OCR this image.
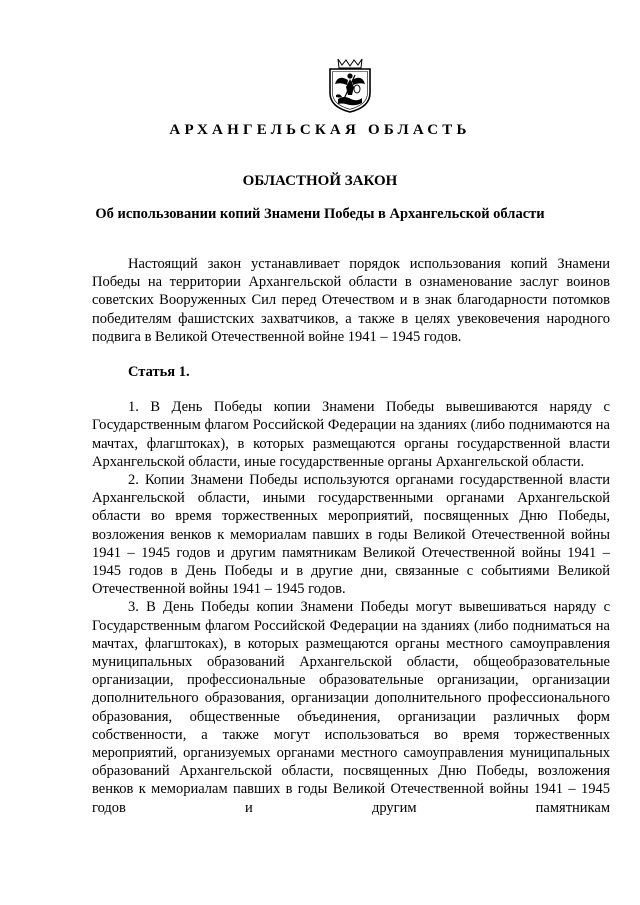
АРХАНГЕЛЬСКАЯ ОБЛАСТЬ
ОБЛАСТНОЙ ЗАКОН
Об использовании копий Знамени Победы в Архангельской области

Настоящий закон устанавливает порядок использования копий Знамени Победы на территории Архангельской области в ознаменование заслуг воинов советских Вооруженных Сил перед Отечеством и в знак благодарности потомков победителям фашистских захватчиков, а также в целях увековечения народного подвига в Великой Отечественной войне 1941 – 1945 годов.

Статья 1.

1. В День Победы копии Знамени Победы вывешиваются наряду с Государственным флагом Российской Федерации на зданиях (либо поднимаются на мачтах, флагштоках), в которых размещаются органы государственной власти Архангельской области, иные государственные органы Архангельской области.

2. Копии Знамени Победы используются органами государственной власти Архангельской области, иными государственными органами Архангельской области во время торжественных мероприятий, посвященных Дню Победы, возложения венков к мемориалам павших в годы Великой Отечественной войны 1941 – 1945 годов и другим памятникам Великой Отечественной войны 1941 – 1945 годов в День Победы и в другие дни, связанные с событиями Великой Отечественной войны 1941 – 1945 годов.

3. В День Победы копии Знамени Победы могут вывешиваться наряду с Государственным флагом Российской Федерации на зданиях (либо подниматься на мачтах, флагштоках), в которых размещаются органы местного самоуправления муниципальных образований Архангельской области, общеобразовательные организации, профессиональные образовательные организации, организации дополнительного образования, организации дополнительного профессионального образования, общественные объединения, организации различных форм собственности, а также могут использоваться во время торжественных мероприятий, организуемых органами местного самоуправления муниципальных образований Архангельской области, посвященных Дню Победы, возложения венков к мемориалам павших в годы Великой Отечественной войны 1941 – 1945 годов и другим памятникам
